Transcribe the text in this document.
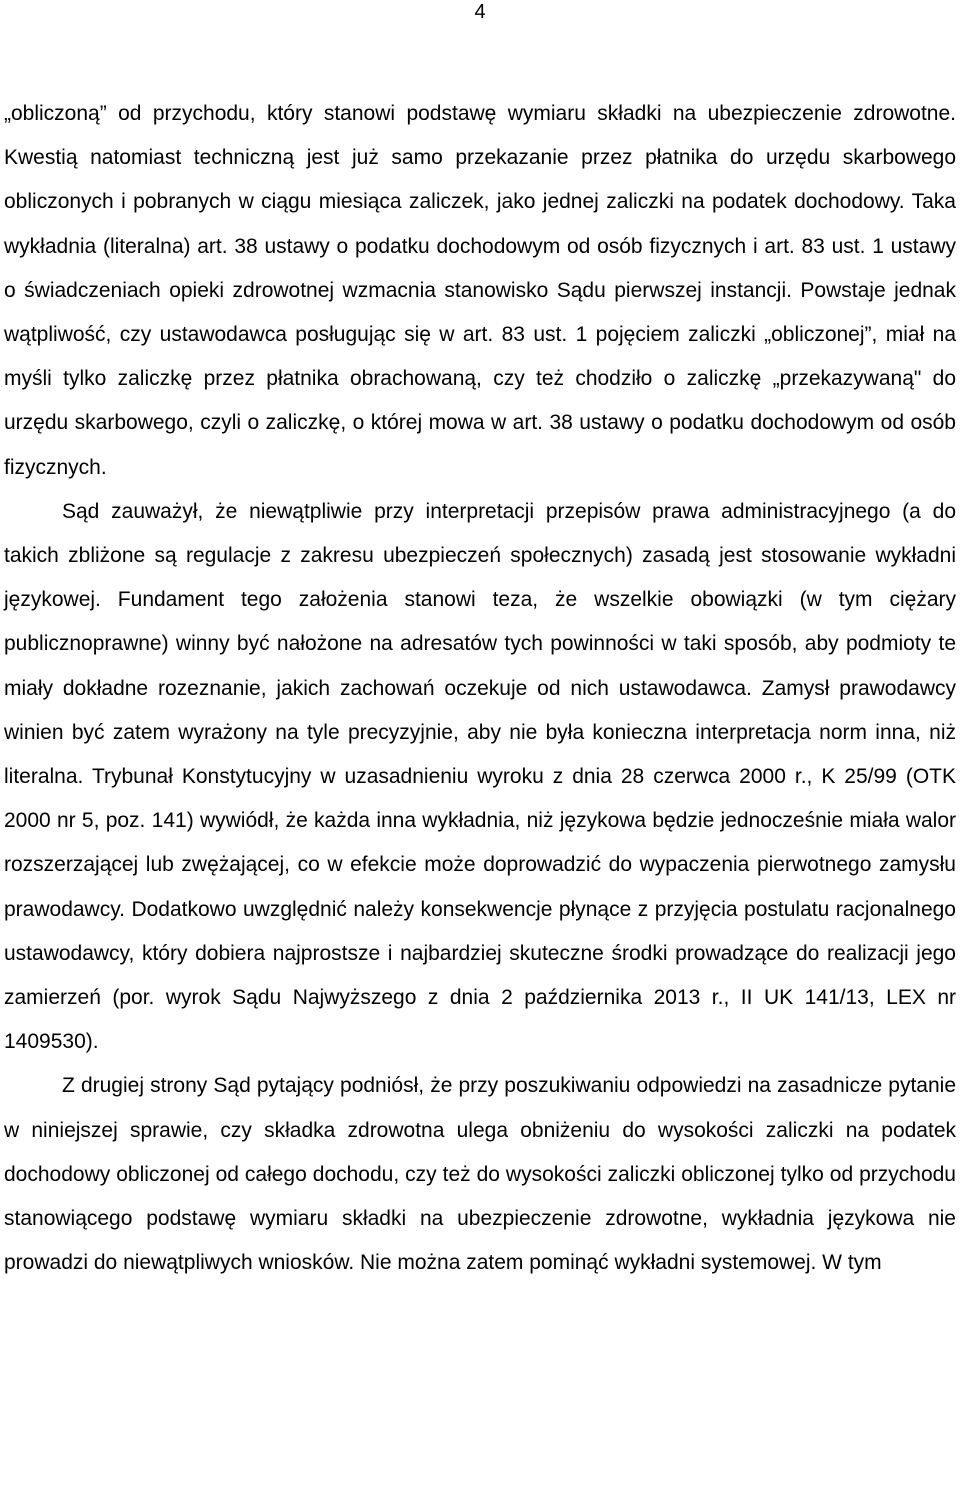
4

„obliczoną” od przychodu, który stanowi podstawę wymiaru składki na ubezpieczenie zdrowotne. Kwestią natomiast techniczną jest już samo przekazanie przez płatnika do urzędu skarbowego obliczonych i pobranych w ciągu miesiąca zaliczek, jako jednej zaliczki na podatek dochodowy. Taka wykładnia (literalna) art. 38 ustawy o podatku dochodowym od osób fizycznych i art. 83 ust. 1 ustawy o świadczeniach opieki zdrowotnej wzmacnia stanowisko Sądu pierwszej instancji. Powstaje jednak wątpliwość, czy ustawodawca posługując się w art. 83 ust. 1 pojęciem zaliczki „obliczonej”, miał na myśli tylko zaliczkę przez płatnika obrachowaną, czy też chodziło o zaliczkę „przekazywaną" do urzędu skarbowego, czyli o zaliczkę, o której mowa w art. 38 ustawy o podatku dochodowym od osób fizycznych.

Sąd zauważył, że niewątpliwie przy interpretacji przepisów prawa administracyjnego (a do takich zbliżone są regulacje z zakresu ubezpieczeń społecznych) zasadą jest stosowanie wykładni językowej. Fundament tego założenia stanowi teza, że wszelkie obowiązki (w tym ciężary publicznoprawne) winny być nałożone na adresatów tych powinności w taki sposób, aby podmioty te miały dokładne rozeznanie, jakich zachowań oczekuje od nich ustawodawca. Zamysł prawodawcy winien być zatem wyrażony na tyle precyzyjnie, aby nie była konieczna interpretacja norm inna, niż literalna. Trybunał Konstytucyjny w uzasadnieniu wyroku z dnia 28 czerwca 2000 r., K 25/99 (OTK 2000 nr 5, poz. 141) wywiódł, że każda inna wykładnia, niż językowa będzie jednocześnie miała walor rozszerzającej lub zwężającej, co w efekcie może doprowadzić do wypaczenia pierwotnego zamysłu prawodawcy. Dodatkowo uwzględnić należy konsekwencje płynące z przyjęcia postulatu racjonalnego ustawodawcy, który dobiera najprostsze i najbardziej skuteczne środki prowadzące do realizacji jego zamierzeń (por. wyrok Sądu Najwyższego z dnia 2 października 2013 r., II UK 141/13, LEX nr 1409530).

Z drugiej strony Sąd pytający podniósł, że przy poszukiwaniu odpowiedzi na zasadnicze pytanie w niniejszej sprawie, czy składka zdrowotna ulega obniżeniu do wysokości zaliczki na podatek dochodowy obliczonej od całego dochodu, czy też do wysokości zaliczki obliczonej tylko od przychodu stanowiącego podstawę wymiaru składki na ubezpieczenie zdrowotne, wykładnia językowa nie prowadzi do niewątpliwych wniosków. Nie można zatem pominąć wykładni systemowej. W tym
